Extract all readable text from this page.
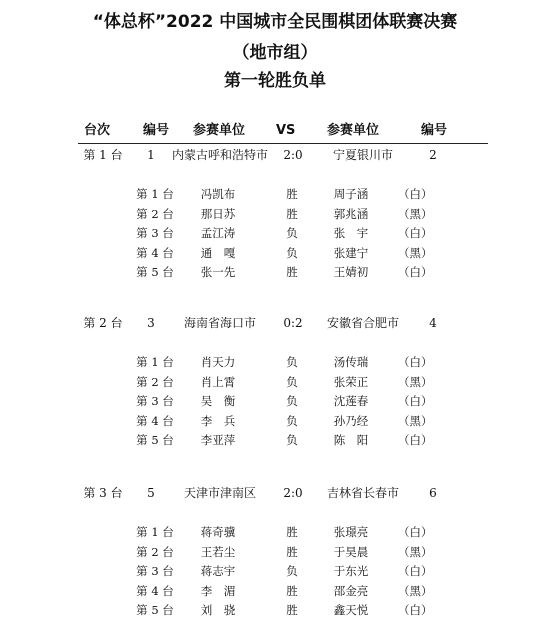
“体总杯”2022 中国城市全民围棋团体联赛决赛
（地市组）
第一轮胜负单
台次	编号 参赛单位 VS 参赛单位	编号
第 1 台	1	内蒙古呼和浩特市	2:0	宁夏银川市	2
第 1 台	冯凯布	胜	周子涵	（白）
第 2 台	那日苏	胜	郭兆涵	（黑）
第 3 台	孟江涛	负	张　宇	（白）
第 4 台	通　嘎	负	张建宁	（黑）
第 5 台	张一先	胜	王婧初	（白）
第 2 台	3	海南省海口市	0:2	安徽省合肥市	4
第 1 台	肖天力	负	汤传瑞	（白）
第 2 台	肖上霄	负	张荣正	（黑）
第 3 台	吴　衡	负	沈莲春	（白）
第 4 台	李　兵	负	孙乃经	（黑）
第 5 台	李亚萍	负	陈　阳	（白）
第 3 台	5	天津市津南区	2:0	吉林省长春市	6
第 1 台	蒋奇骥	胜	张璟亮	（白）
第 2 台	王若尘	胜	于昊晨	（黑）
第 3 台	蒋志宇	负	于东光	（白）
第 4 台	李　湄	胜	邵金亮	（黑）
第 5 台	刘　骁	胜	鑫天悦	（白）
